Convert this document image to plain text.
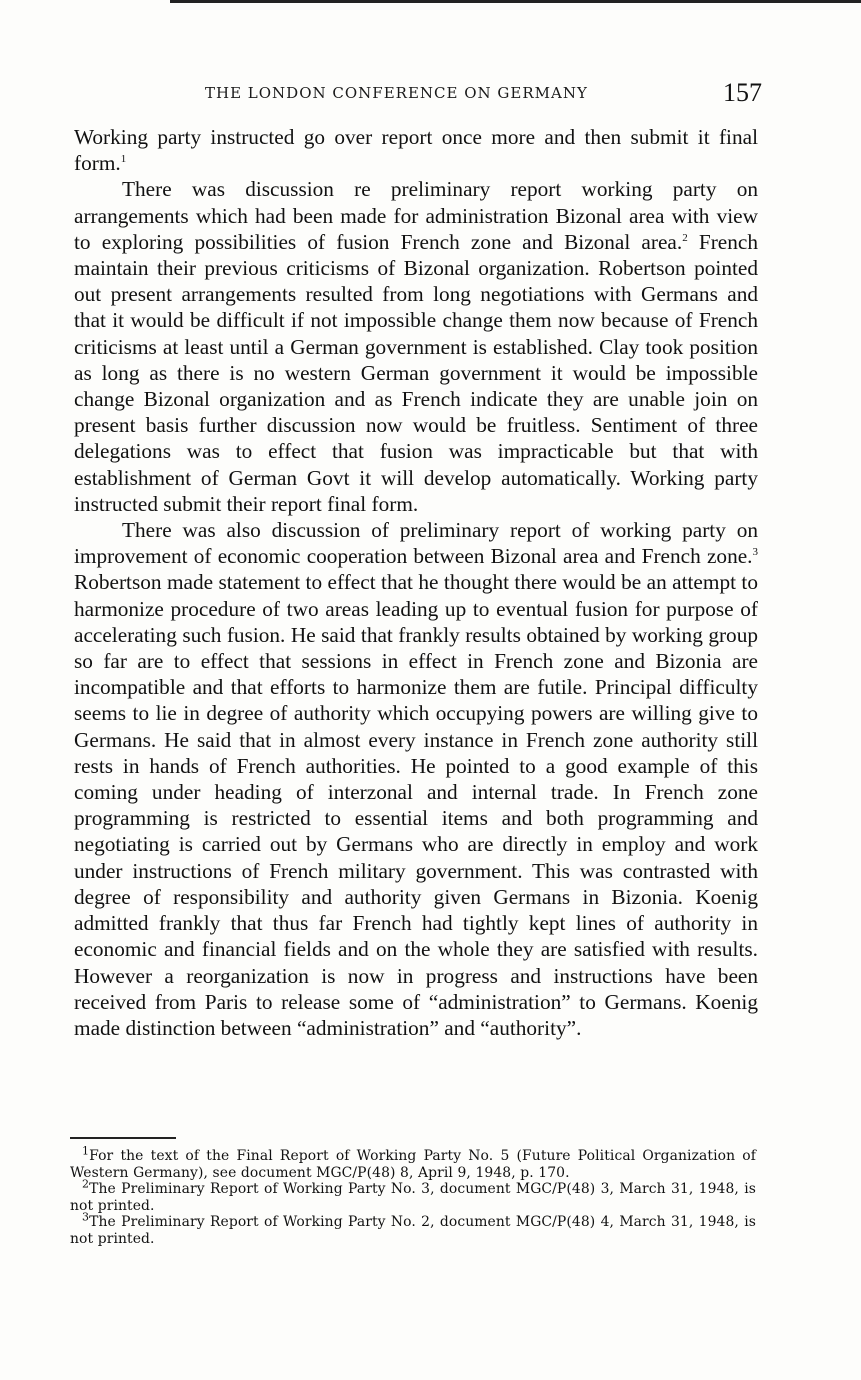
THE LONDON CONFERENCE ON GERMANY	157

Working party instructed go over report once more and then submit it final form.$^1$

There was discussion re preliminary report working party on arrangements which had been made for administration Bizonal area with view to exploring possibilities of fusion French zone and Bizonal area.$^2$ French maintain their previous criticisms of Bizonal organization. Robertson pointed out present arrangements resulted from long negotiations with Germans and that it would be difficult if not impossible change them now because of French criticisms at least until a German government is established. Clay took position as long as there is no western German government it would be impossible change Bizonal organization and as French indicate they are unable join on present basis further discussion now would be fruitless. Sentiment of three delegations was to effect that fusion was impracticable but that with establishment of German Govt it will develop automatically. Working party instructed submit their report final form.

There was also discussion of preliminary report of working party on improvement of economic cooperation between Bizonal area and French zone.$^3$ Robertson made statement to effect that he thought there would be an attempt to harmonize procedure of two areas leading up to eventual fusion for purpose of accelerating such fusion. He said that frankly results obtained by working group so far are to effect that sessions in effect in French zone and Bizonia are incompatible and that efforts to harmonize them are futile. Principal difficulty seems to lie in degree of authority which occupying powers are willing give to Germans. He said that in almost every instance in French zone authority still rests in hands of French authorities. He pointed to a good example of this coming under heading of interzonal and internal trade. In French zone programming is restricted to essential items and both programming and negotiating is carried out by Germans who are directly in employ and work under instructions of French military government. This was contrasted with degree of responsibility and authority given Germans in Bizonia. Koenig admitted frankly that thus far French had tightly kept lines of authority in economic and financial fields and on the whole they are satisfied with results. However a reorganization is now in progress and instructions have been received from Paris to release some of “administration” to Germans. Koenig made distinction between “administration” and “authority”.

$^1$For the text of the Final Report of Working Party No. 5 (Future Political Organization of Western Germany), see document MGC/P(48) 8, April 9, 1948, p. 170.

$^2$The Preliminary Report of Working Party No. 3, document MGC/P(48) 3, March 31, 1948, is not printed.

$^3$The Preliminary Report of Working Party No. 2, document MGC/P(48) 4, March 31, 1948, is not printed.
